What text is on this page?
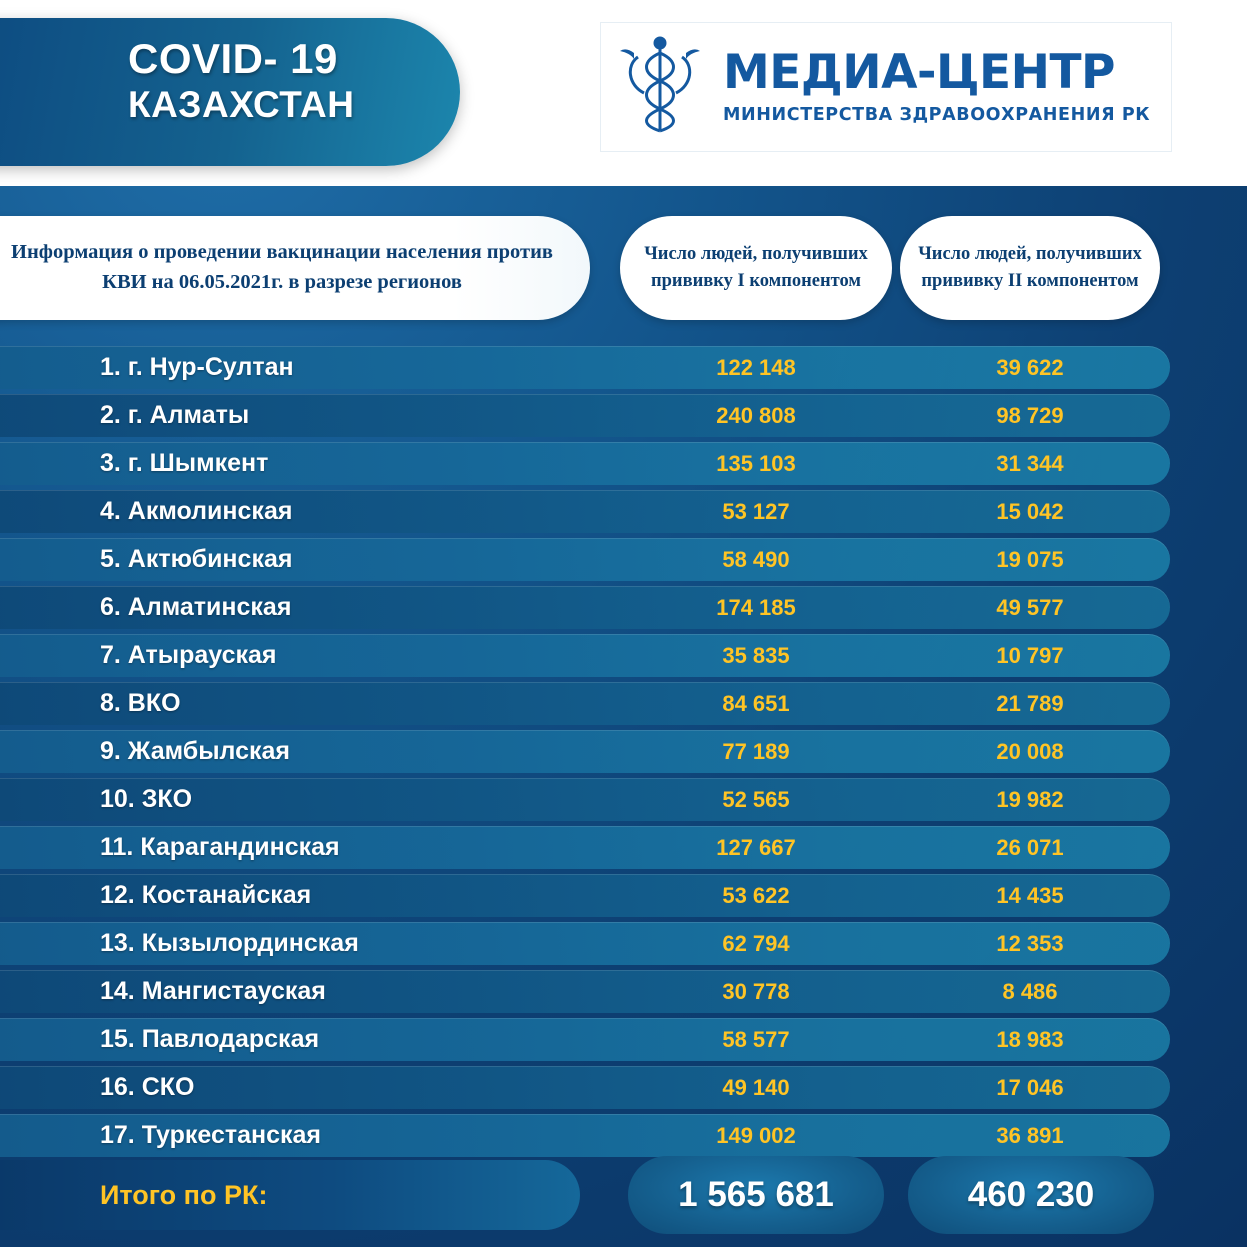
COVID- 19
КАЗАХСТАН
МЕДИА-ЦЕНТР
МИНИСТЕРСТВА ЗДРАВООХРАНЕНИЯ РК
Информация о проведении вакцинации населения против КВИ на 06.05.2021г. в разрезе регионов
Число людей, получивших прививку I компонентом
Число людей, получивших прививку II компонентом
1. г. Нур-Султан	122 148	39 622
2. г. Алматы	240 808	98 729
3. г. Шымкент	135 103	31 344
4. Акмолинская	53 127	15 042
5. Актюбинская	58 490	19 075
6. Алматинская	174 185	49 577
7. Атырауская	35 835	10 797
8. ВКО	84 651	21 789
9. Жамбылская	77 189	20 008
10. ЗКО	52 565	19 982
11. Карагандинская	127 667	26 071
12. Костанайская	53 622	14 435
13. Кызылординская	62 794	12 353
14. Мангистауская	30 778	8 486
15. Павлодарская	58 577	18 983
16. СКО	49 140	17 046
17. Туркестанская	149 002	36 891
Итого по РК:	1 565 681	460 230
